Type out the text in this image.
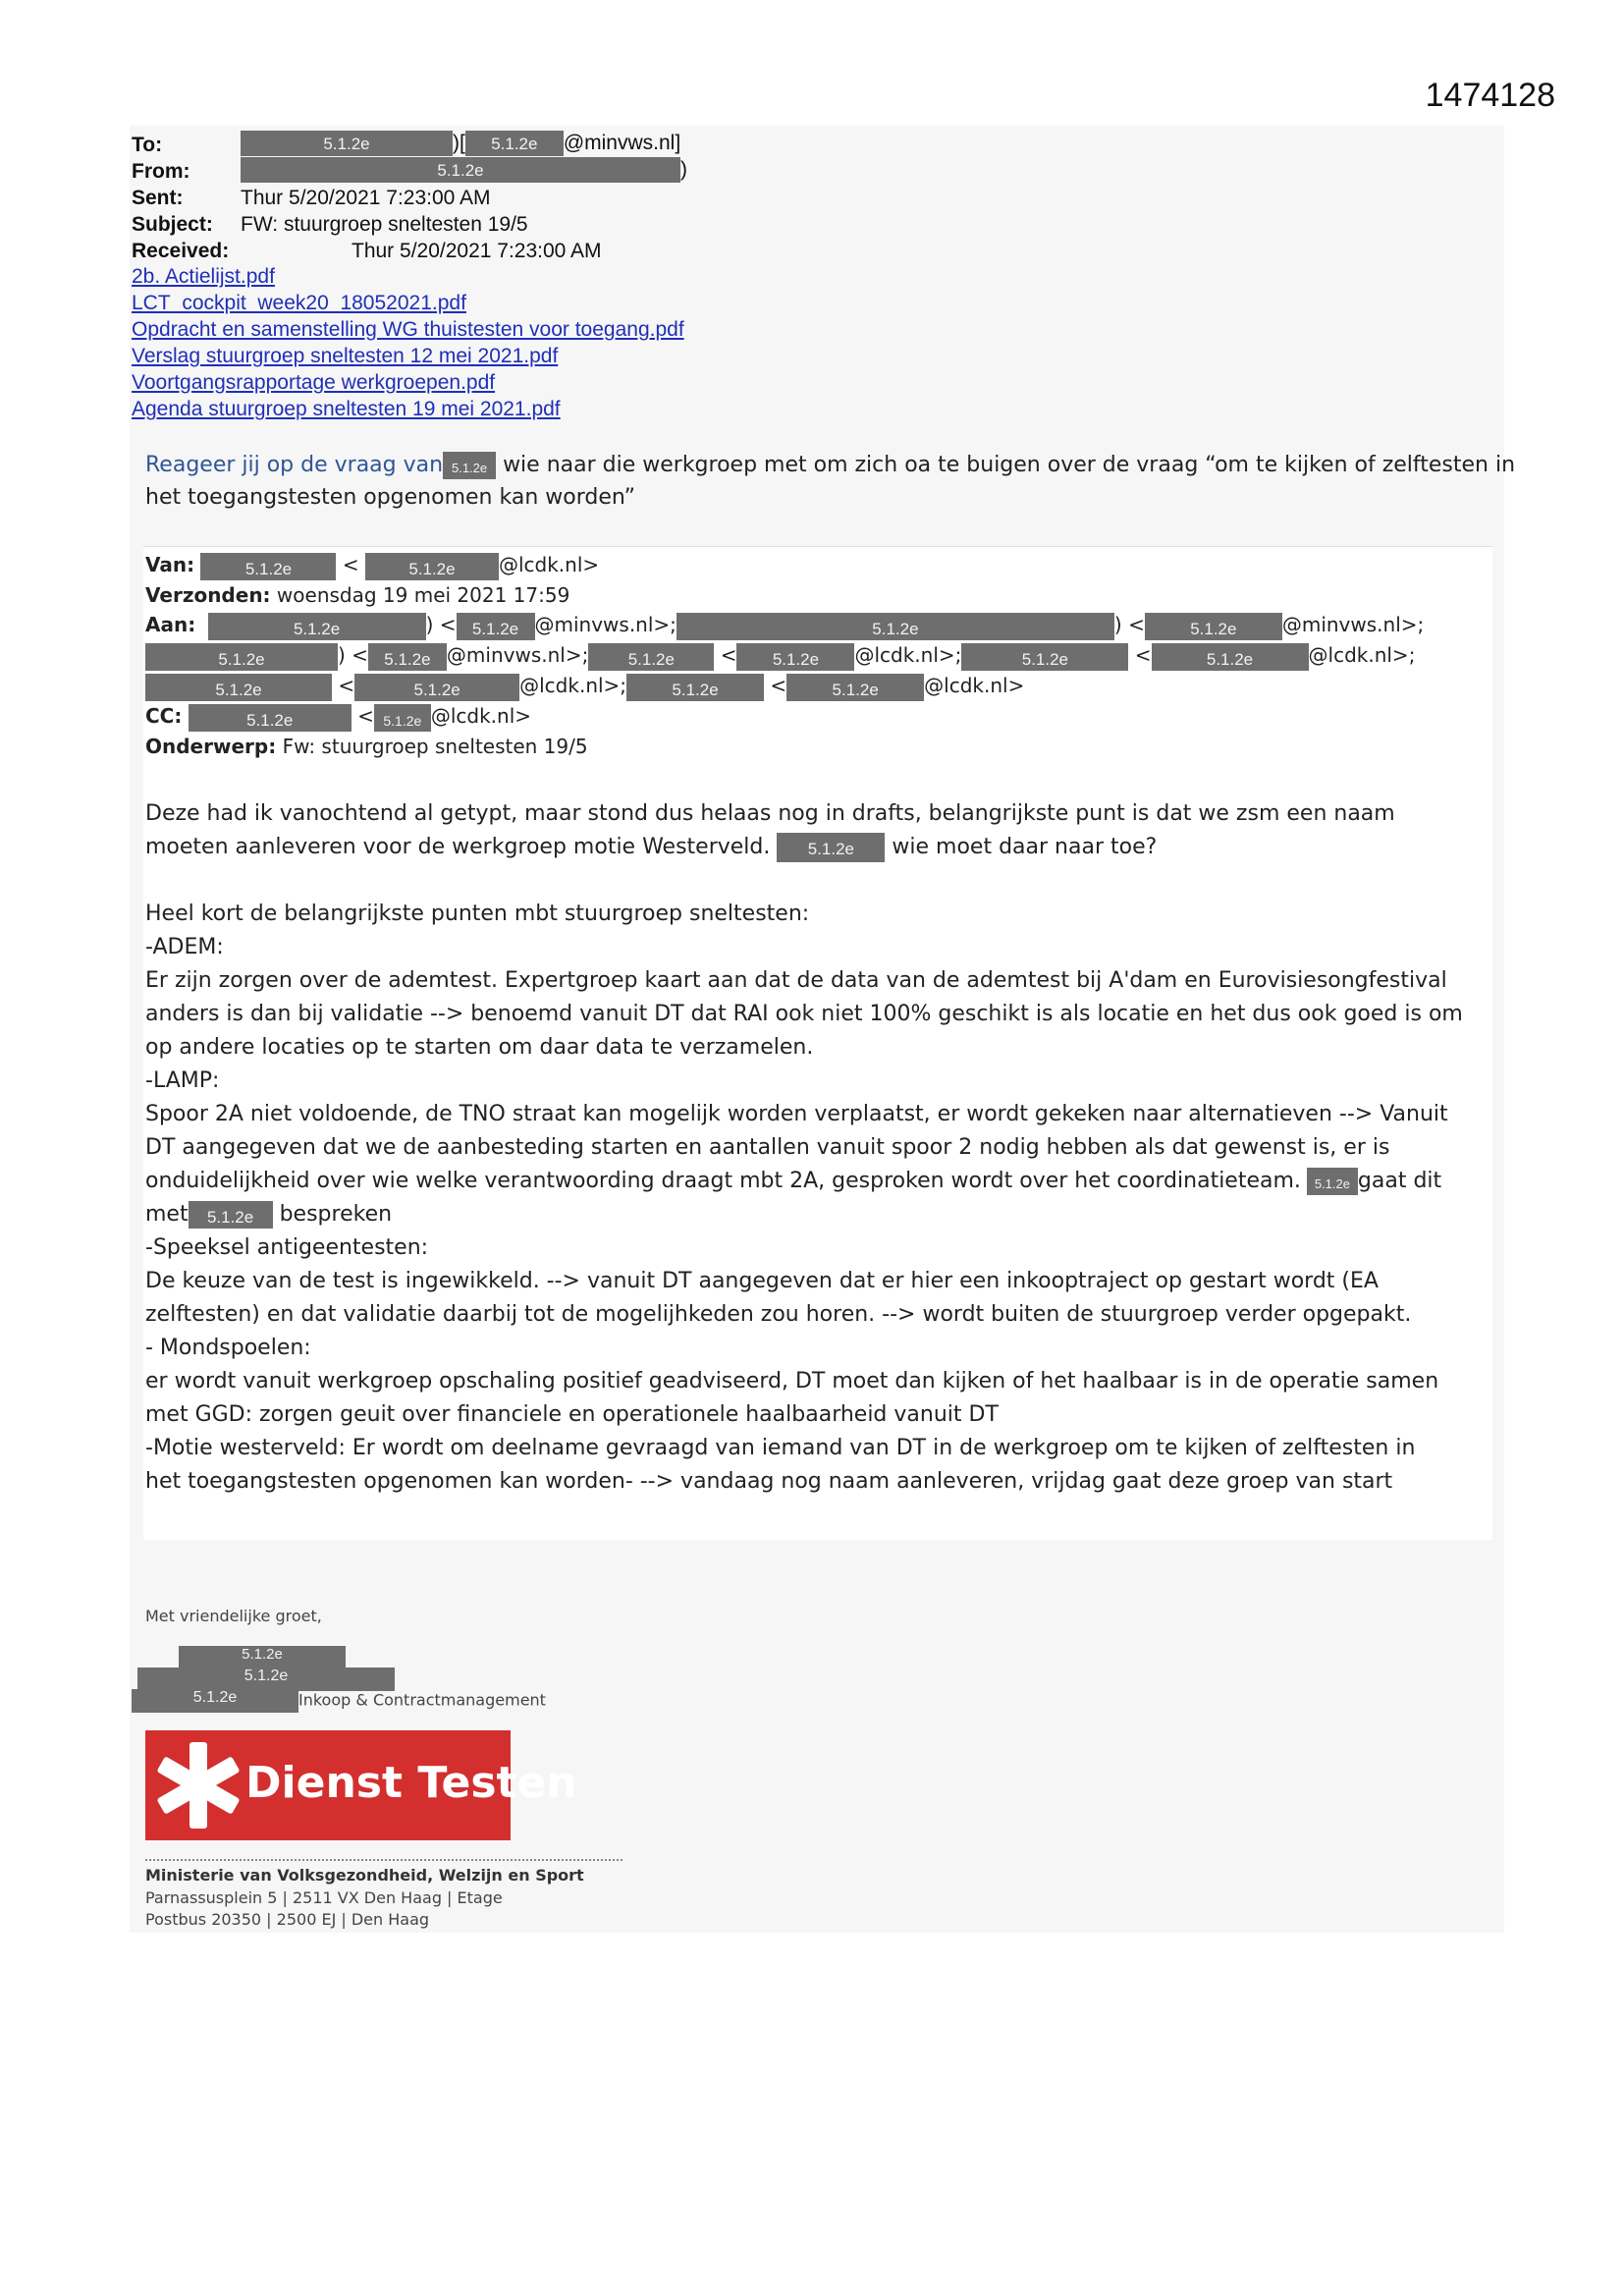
1474128
To:	5.1.2e	)[ 5.1.2e @minvws.nl]
From:	5.1.2e	)
Sent:	Thur 5/20/2021 7:23:00 AM
Subject: FW: stuurgroep sneltesten 19/5
Received:	Thur 5/20/2021 7:23:00 AM
2b. Actielijst.pdf
LCT_cockpit_week20_18052021.pdf
Opdracht en samenstelling WG thuistesten voor toegang.pdf
Verslag stuurgroep sneltesten 12 mei 2021.pdf
Voortgangsrapportage werkgroepen.pdf
Agenda stuurgroep sneltesten 19 mei 2021.pdf
Reageer jij op de vraag van 5.1.2e wie naar die werkgroep met om zich oa te buigen over de vraag “om te kijken of zelftesten in
het toegangstesten opgenomen kan worden”
Van:	5.1.2e <	5.1.2e @lcdk.nl>
Verzonden: woensdag 19 mei 2021 17:59
Aan:	5.1.2e	) < 5.1.2e @minvws.nl>;	5.1.2e	) <	5.1.2e @minvws.nl>;
5.1.2e	) < 5.1.2e @minvws.nl>; 5.1.2e < 5.1.2e @lcdk.nl>;	5.1.2e	<	5.1.2e	@lcdk.nl>;
5.1.2e	<	5.1.2e	@lcdk.nl>;	5.1.2e <	5.1.2e @lcdk.nl>
CC:	5.1.2e	< 5.1.2e @lcdk.nl>
Onderwerp: Fw: stuurgroep sneltesten 19/5
Deze had ik vanochtend al getypt, maar stond dus helaas nog in drafts, belangrijkste punt is dat we zsm een naam
moeten aanleveren voor de werkgroep motie Westerveld. 5.1.2e wie moet daar naar toe?
Heel kort de belangrijkste punten mbt stuurgroep sneltesten:
-ADEM:
Er zijn zorgen over de ademtest. Expertgroep kaart aan dat de data van de ademtest bij A'dam en Eurovisiesongfestival
anders is dan bij validatie --> benoemd vanuit DT dat RAI ook niet 100% geschikt is als locatie en het dus ook goed is om
op andere locaties op te starten om daar data te verzamelen.
-LAMP:
Spoor 2A niet voldoende, de TNO straat kan mogelijk worden verplaatst, er wordt gekeken naar alternatieven --> Vanuit
DT aangegeven dat we de aanbesteding starten en aantallen vanuit spoor 2 nodig hebben als dat gewenst is, er is
onduidelijkheid over wie welke verantwoording draagt mbt 2A, gesproken wordt over het coordinatieteam. 5.1.2e gaat dit
met 5.1.2e bespreken
-Speeksel antigeentesten:
De keuze van de test is ingewikkeld. --> vanuit DT aangegeven dat er hier een inkooptraject op gestart wordt (EA
zelftesten) en dat validatie daarbij tot de mogelijhkeden zou horen. --> wordt buiten de stuurgroep verder opgepakt.
- Mondspoelen:
er wordt vanuit werkgroep opschaling positief geadviseerd, DT moet dan kijken of het haalbaar is in de operatie samen
met GGD: zorgen geuit over financiele en operationele haalbaarheid vanuit DT
-Motie westerveld: Er wordt om deelname gevraagd van iemand van DT in de werkgroep om te kijken of zelftesten in
het toegangstesten opgenomen kan worden- --> vandaag nog naam aanleveren, vrijdag gaat deze groep van start
Met vriendelijke groet,
5.1.2e
5.1.2e
5.1.2e	Inkoop & Contractmanagement
Dienst Testen
Ministerie van Volksgezondheid, Welzijn en Sport
Parnassusplein 5 | 2511 VX Den Haag | Etage
Postbus 20350 | 2500 EJ | Den Haag
